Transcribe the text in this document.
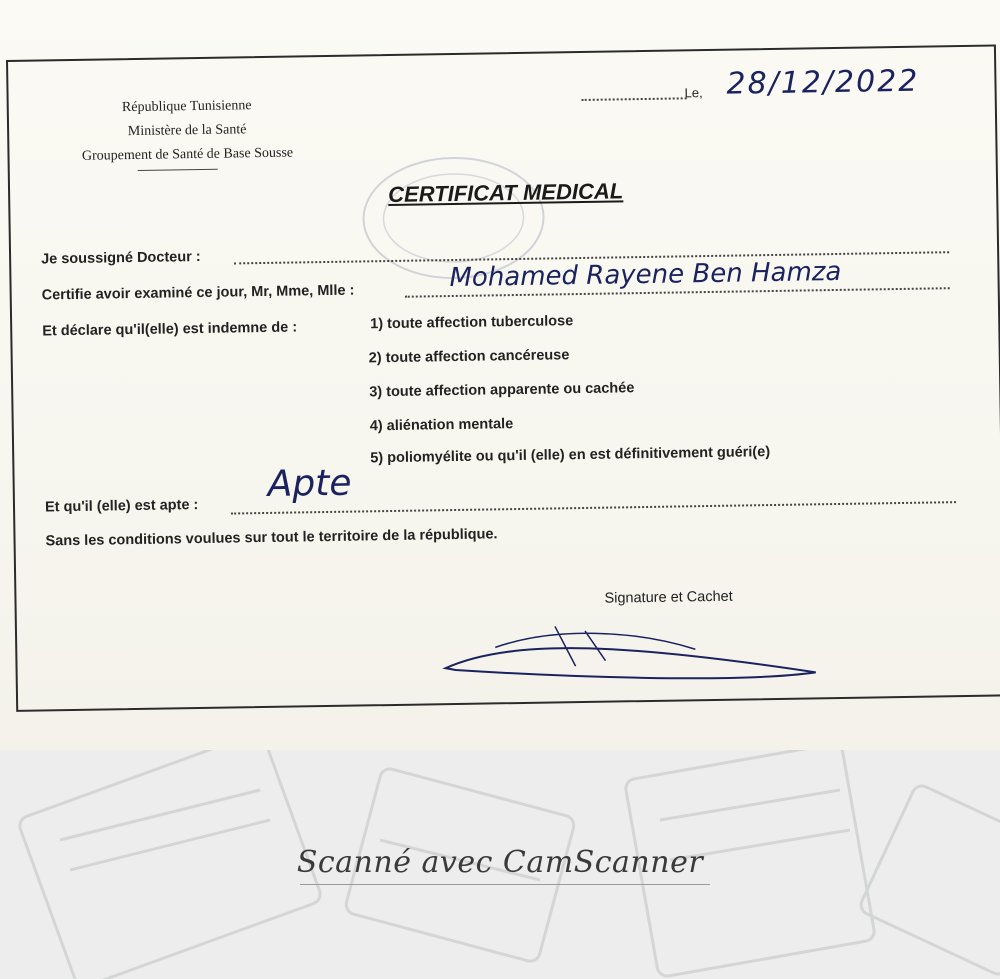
République Tunisienne
Ministère de la Santé
Groupement de Santé de Base Sousse
Le, 28/12/2022
CERTIFICAT MEDICAL
Je soussigné Docteur :
Certifie avoir examiné ce jour, Mr, Mme, Mlle :	Mohamed Rayene Ben Hamza
Et déclare qu'il(elle) est indemne de :	1) toute affection tuberculose
2) toute affection cancéreuse
3) toute affection apparente ou cachée
4) aliénation mentale
5) poliomyélite ou qu'il (elle) en est définitivement guéri(e)
Et qu'il (elle) est apte :
Apte
Sans les conditions voulues sur tout le territoire de la république.
Signature et Cachet
Scanné avec CamScanner
